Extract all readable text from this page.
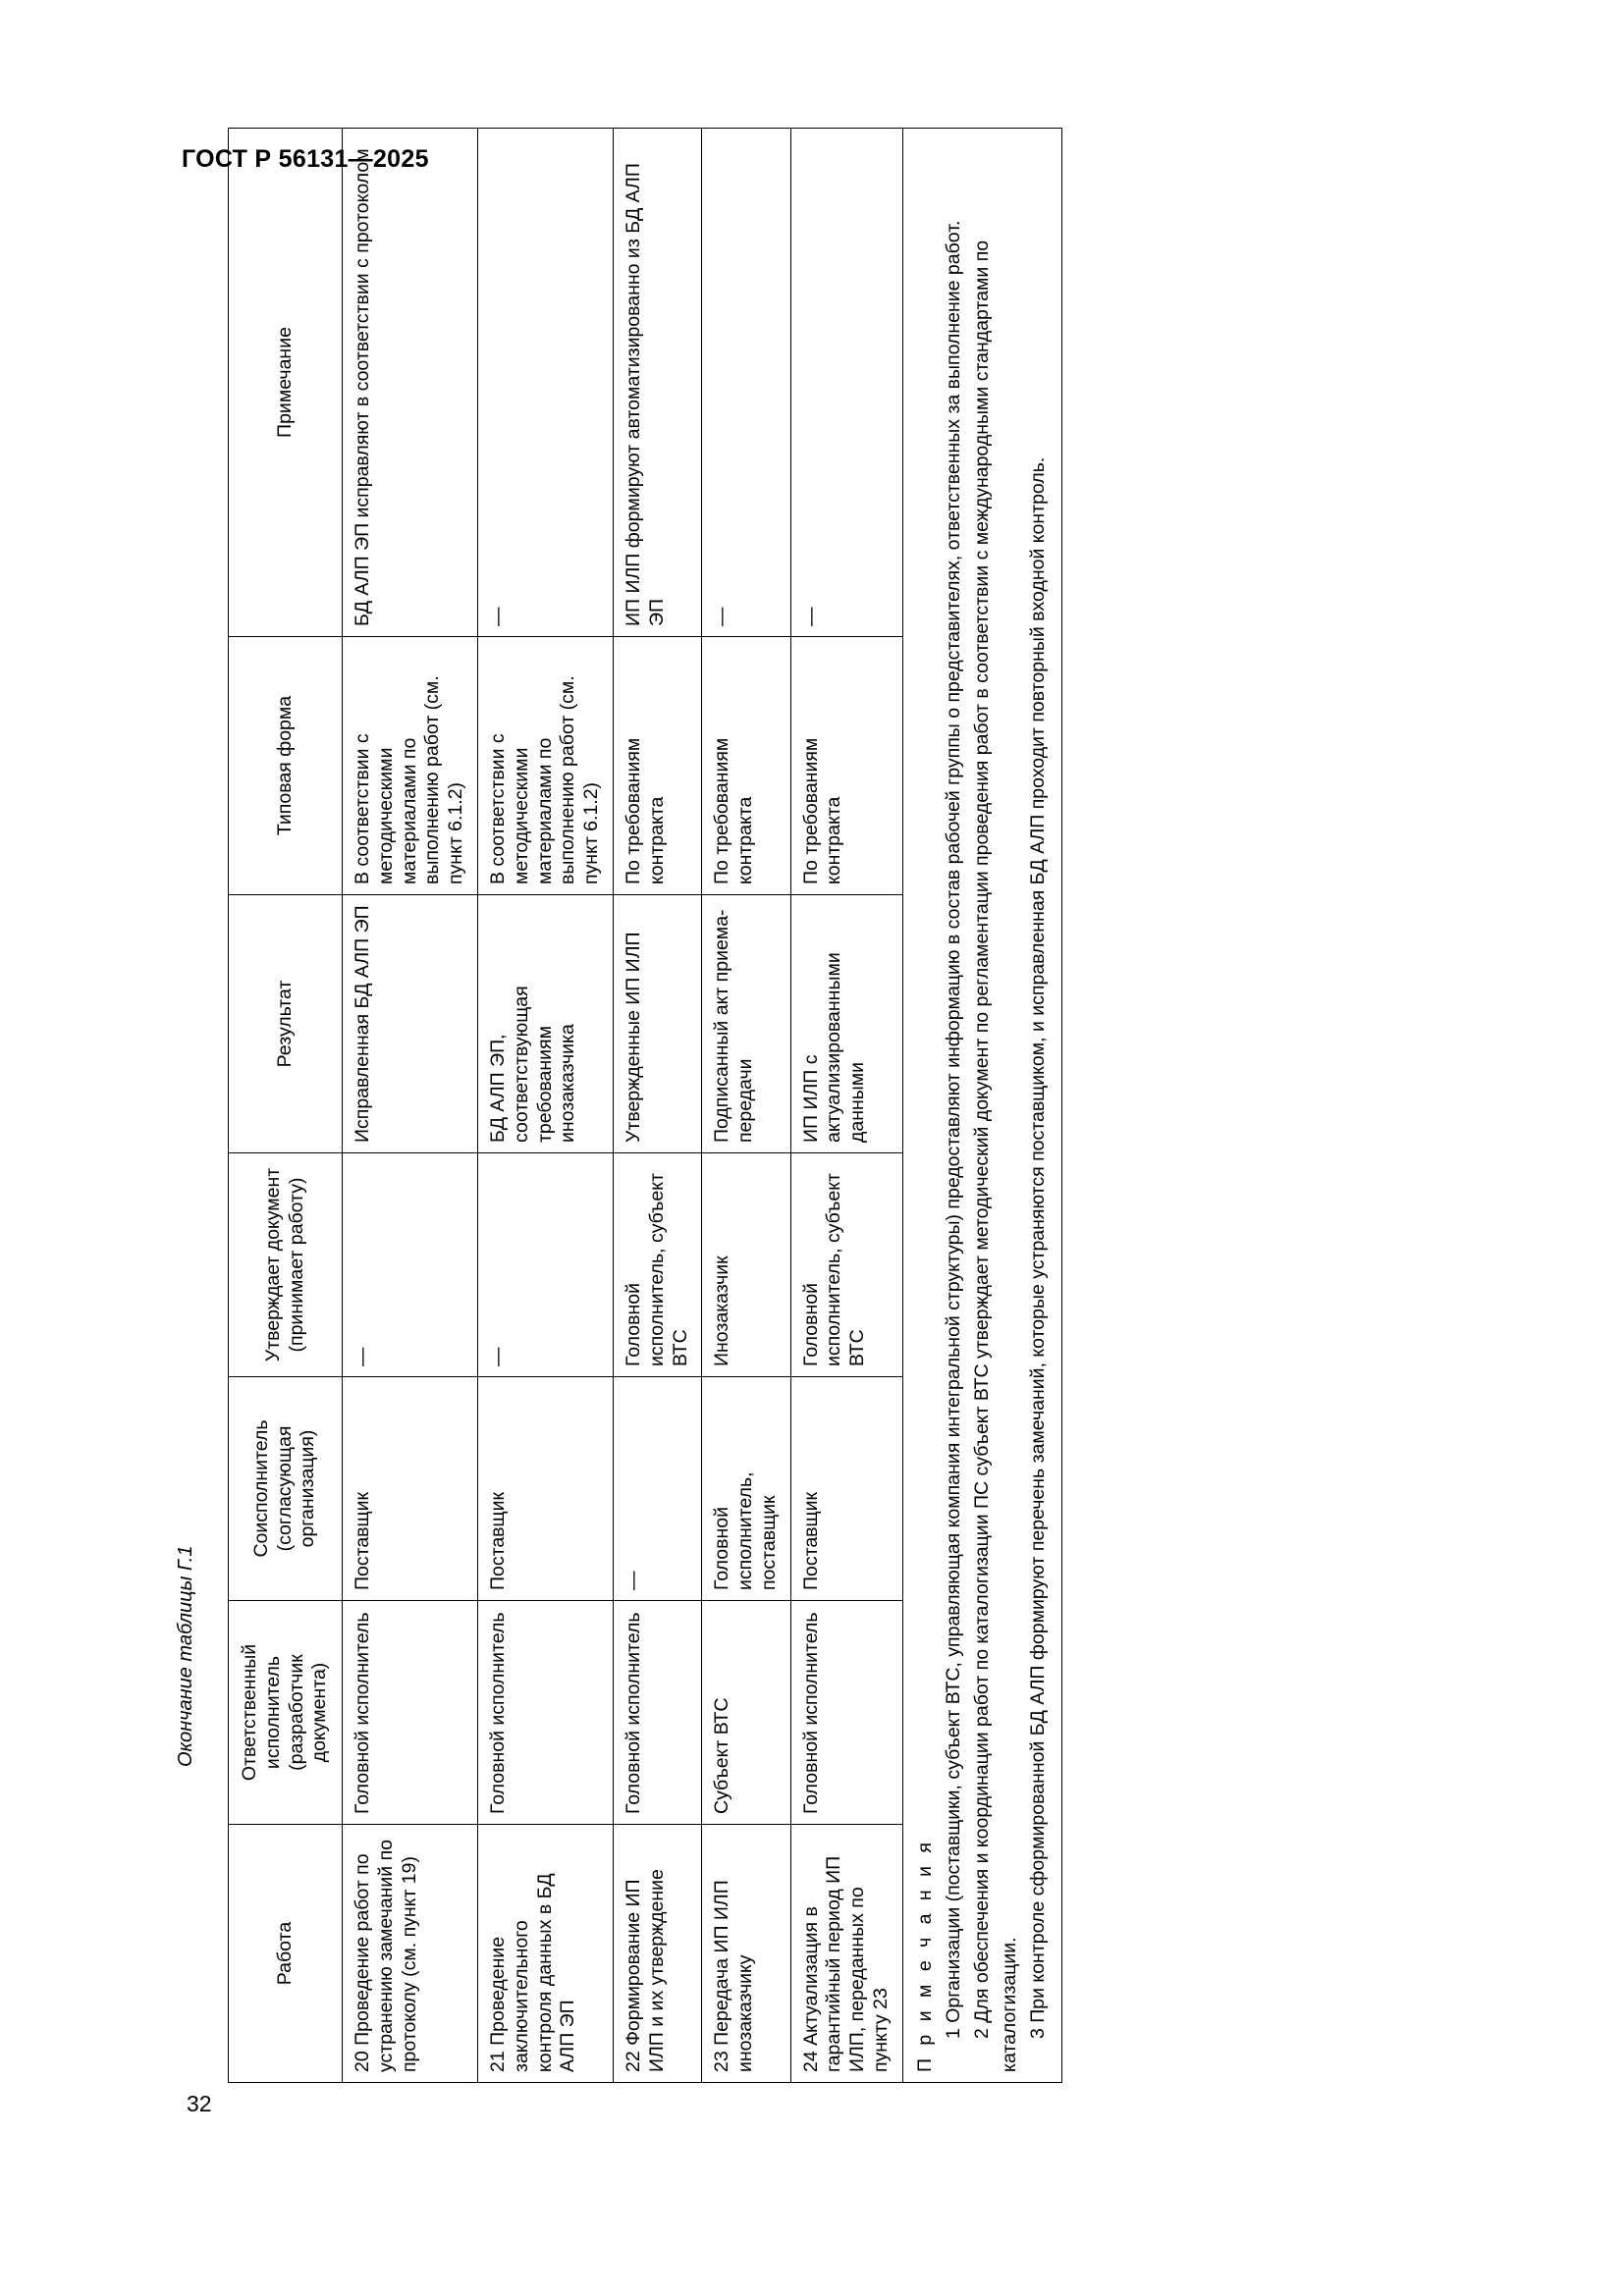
ГОСТ Р 56131—2025
Окончание таблицы Г.1
32
Работа	Ответственный исполнитель (разработчик документа)	Соисполнитель (согласующая организация)	Утверждает документ (принимает работу)	Результат	Типовая форма	Примечание
20 Проведение работ по устранению замечаний по протоколу (см. пункт 19)	Головной исполнитель	Поставщик	—	Исправленная БД АЛП ЭП	В соответствии с методическими материалами по выполнению работ (см. пункт 6.1.2)	БД АЛП ЭП исправляют в соответствии с протоколом
21 Проведение заключительного контроля данных в БД АЛП ЭП	Головной исполнитель	Поставщик	—	БД АЛП ЭП, соответствующая требованиям инозаказчика	В соответствии с методическими материалами по выполнению работ (см. пункт 6.1.2)	—
22 Формирование ИП ИЛП и их утверждение	Головной исполнитель	—	Головной исполнитель, субъект ВТС	Утвержденные ИП ИЛП	По требованиям контракта	ИП ИЛП формируют автоматизированно из БД АЛП ЭП
23 Передача ИП ИЛП инозаказчику	Субъект ВТС	Головной исполнитель, поставщик	Инозаказчик	Подписанный акт приема-передачи	По требованиям контракта	—
24 Актуализация в гарантийный период ИП ИЛП, переданных по пункту 23	Головной исполнитель	Поставщик	Головной исполнитель, субъект ВТС	ИП ИЛП с актуализированными данными	По требованиям контракта	—

П р и м е ч а н и я 1 Организации (поставщики, субъект ВТС, управляющая компания интегральной структуры) предоставляют информацию в состав рабочей группы о представителях, ответственных за выполнение работ. 2 Для обеспечения и координации работ по каталогизации ПС субъект ВТС утверждает методический документ по регламентации проведения работ в соответствии с международными стандартами по каталогизации. 3 При контроле сформированной БД АЛП формируют перечень замечаний, которые устраняются поставщиком, и исправленная БД АЛП проходит повторный входной контроль.						
